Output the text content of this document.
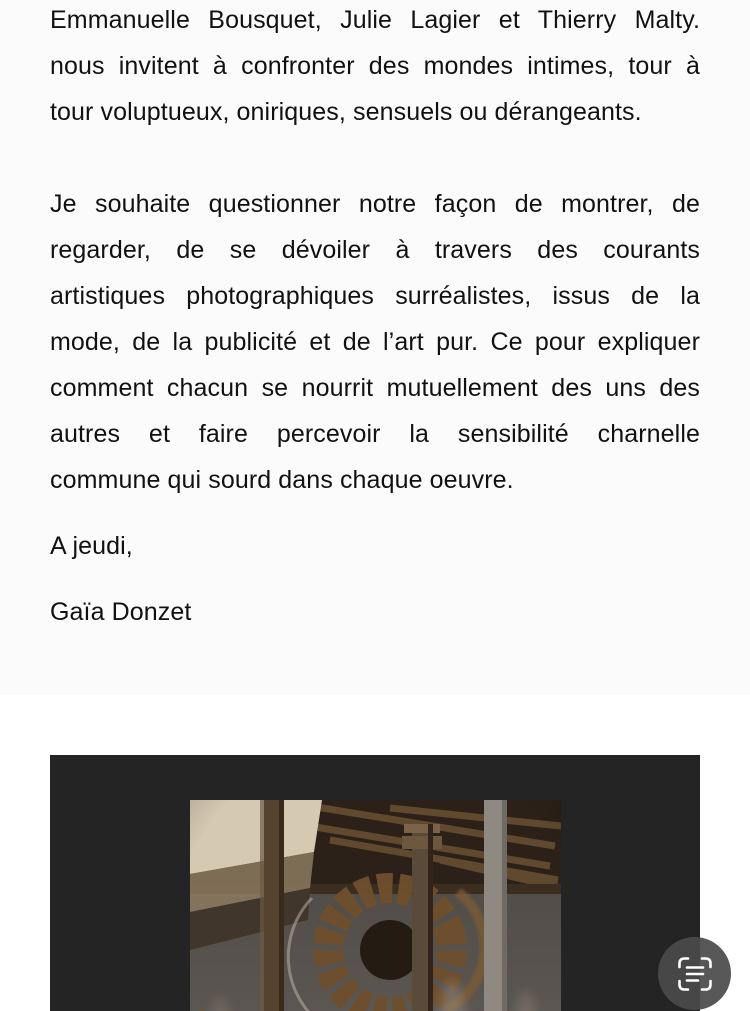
Emmanuelle Bousquet, Julie Lagier et Thierry Malty.
nous invitent à confronter des mondes intimes, tour à
tour voluptueux, oniriques, sensuels ou dérangeants.
Je souhaite questionner notre façon de montrer, de
regarder, de se dévoiler à travers des courants
artistiques photographiques surréalistes, issus de la
mode, de la publicité et de l’art pur. Ce pour expliquer
comment chacun se nourrit mutuellement des uns des
autres et faire percevoir la sensibilité charnelle
commune qui sourd dans chaque oeuvre.
A jeudi,
Gaïa Donzet
